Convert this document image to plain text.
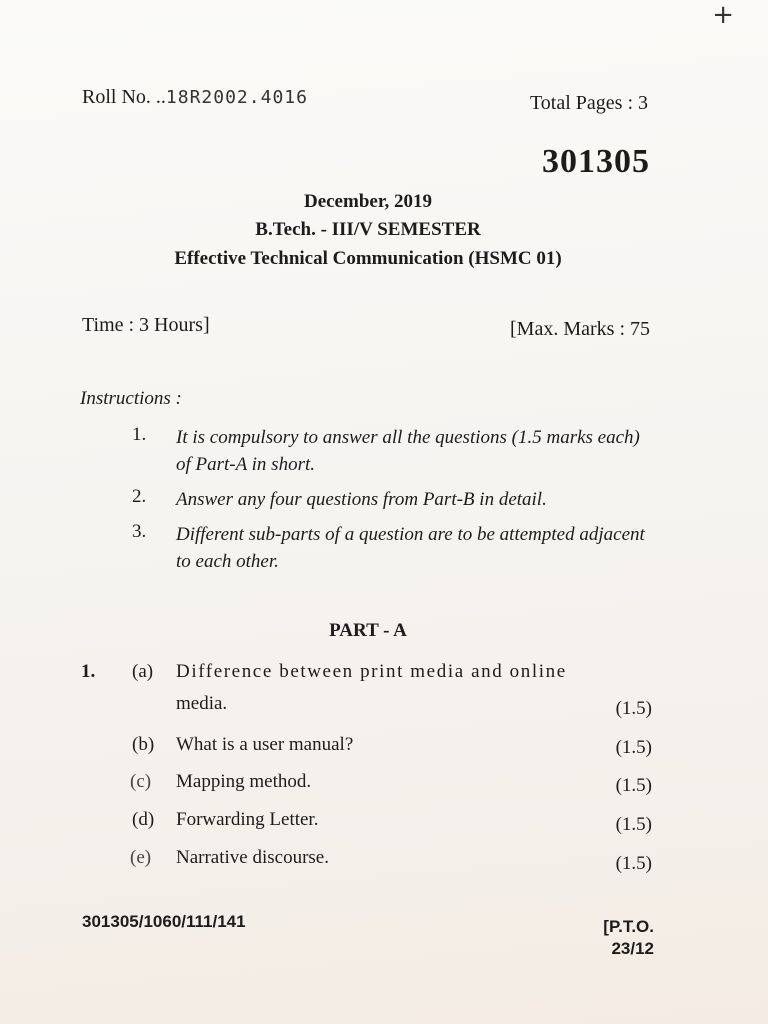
+
Roll No. ..18R2002.4016	Total Pages : 3
301305
December, 2019
B.Tech. - III/V SEMESTER
Effective Technical Communication (HSMC 01)
Time : 3 Hours]	[Max. Marks : 75
Instructions :
1. It is compulsory to answer all the questions (1.5 marks each) of Part-A in short.
2. Answer any four questions from Part-B in detail.
3. Different sub-parts of a question are to be attempted adjacent to each other.
PART - A
1. (a) Difference between print media and online
media.	(1.5)
(b) What is a user manual?	(1.5)
(c) Mapping method.	(1.5)
(d) Forwarding Letter.	(1.5)
(e) Narrative discourse.	(1.5)
301305/1060/111/141	[P.T.O.
23/12
